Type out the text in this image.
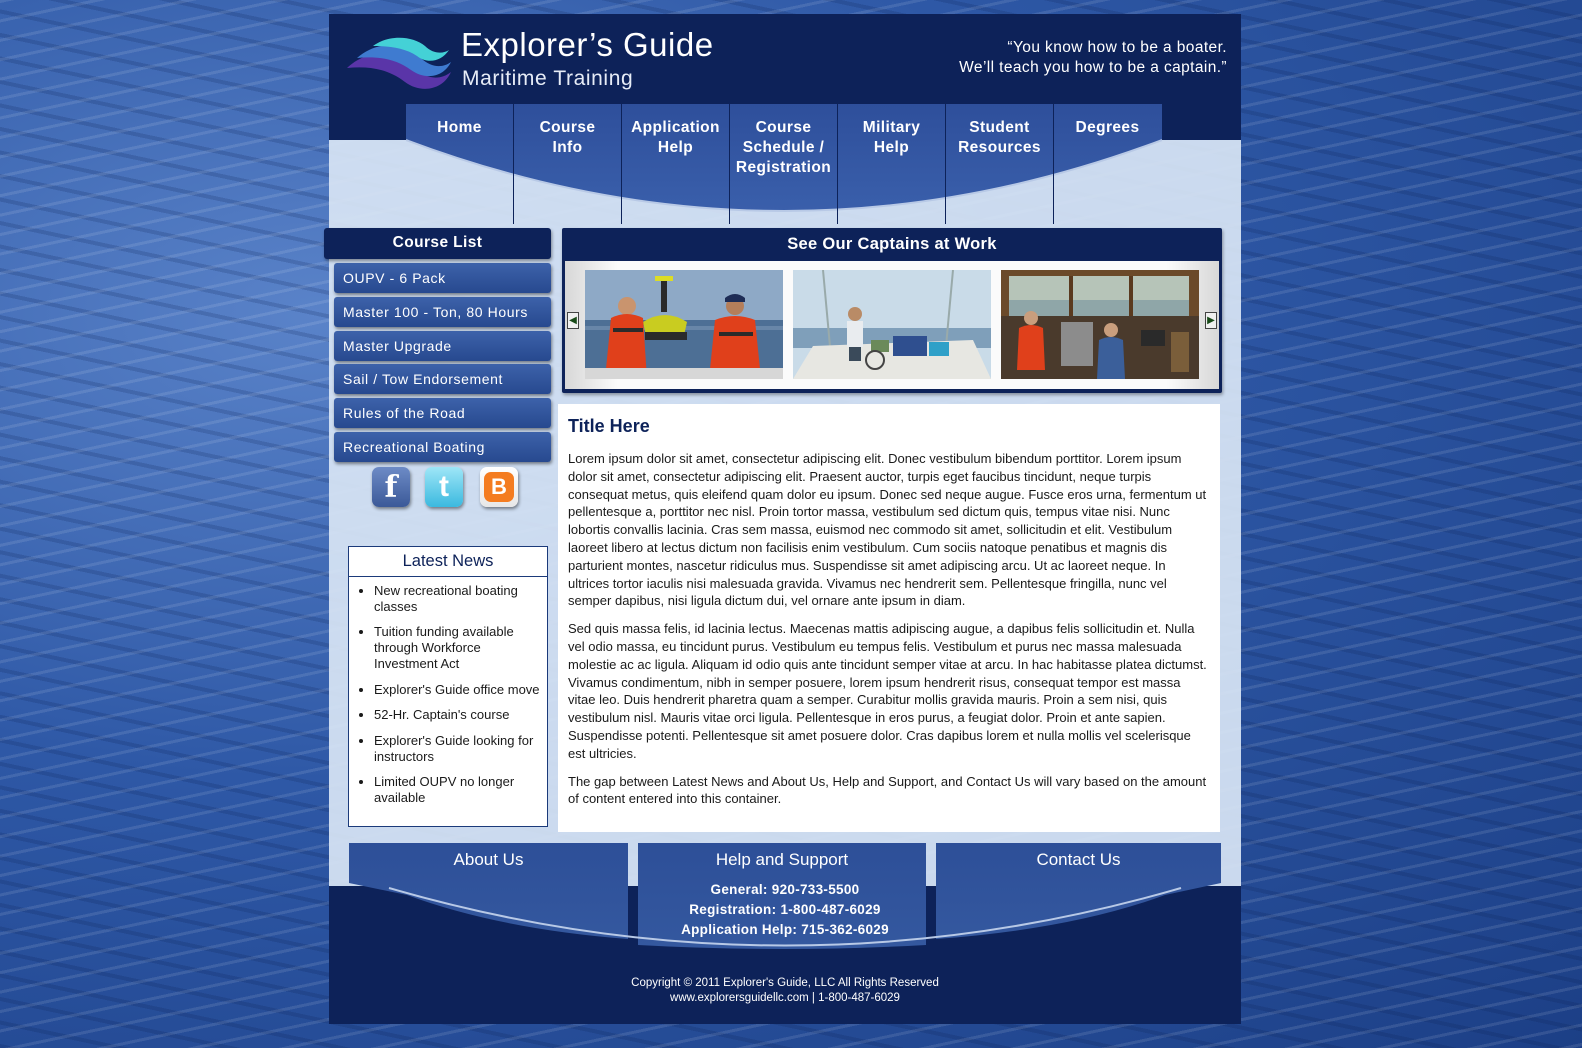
Explorer’s Guide
Maritime Training
“You know how to be a boater.
We’ll teach you how to be a captain.”
Home	Course
Info
Application
Help
Course
Schedule /
Registration
Military
Help
Student
Resources
Degrees
Course List
OUPV - 6 Pack
Master 100 - Ton, 80 Hours
Master Upgrade
Sail / Tow Endorsement
Rules of the Road
Recreational Boating
f	t	B
Latest News
• New recreational boating classes
• Tuition funding available through Workforce Investment Act
• Explorer's Guide office move
• 52-Hr. Captain's course
• Explorer's Guide looking for instructors
• Limited OUPV no longer available
See Our Captains at Work
◀	▶
Title Here

Lorem ipsum dolor sit amet, consectetur adipiscing elit. Donec vestibulum bibendum porttitor. Lorem ipsum dolor sit amet, consectetur adipiscing elit. Praesent auctor, turpis eget faucibus tincidunt, neque turpis consequat metus, quis eleifend quam dolor eu ipsum. Donec sed neque augue. Fusce eros urna, fermentum ut pellentesque a, porttitor nec nisl. Proin tortor massa, vestibulum sed dictum quis, tempus vitae nisi. Nunc lobortis convallis lacinia. Cras sem massa, euismod nec commodo sit amet, sollicitudin et elit. Vestibulum laoreet libero at lectus dictum non facilisis enim vestibulum. Cum sociis natoque penatibus et magnis dis parturient montes, nascetur ridiculus mus. Suspendisse sit amet adipiscing arcu. Ut ac laoreet neque. In ultrices tortor iaculis nisi malesuada gravida. Vivamus nec hendrerit sem. Pellentesque fringilla, nunc vel semper dapibus, nisi ligula dictum dui, vel ornare ante ipsum in diam.

Sed quis massa felis, id lacinia lectus. Maecenas mattis adipiscing augue, a dapibus felis sollicitudin et. Nulla vel odio massa, eu tincidunt purus. Vestibulum eu tempus felis. Vestibulum et purus nec massa malesuada molestie ac ac ligula. Aliquam id odio quis ante tincidunt semper vitae at arcu. In hac habitasse platea dictumst. Vivamus condimentum, nibh in semper posuere, lorem ipsum hendrerit risus, consequat tempor est massa vitae leo. Duis hendrerit pharetra quam a semper. Curabitur mollis gravida mauris. Proin a sem nisi, quis vestibulum nisl. Mauris vitae orci ligula. Pellentesque in eros purus, a feugiat dolor. Proin et ante sapien. Suspendisse potenti. Pellentesque sit amet posuere dolor. Cras dapibus lorem et nulla mollis vel scelerisque est ultricies.

The gap between Latest News and About Us, Help and Support, and Contact Us will vary based on the amount of content entered into this container.

About Us	Help and Support	Contact Us
General: 920-733-5500
Registration: 1-800-487-6029
Application Help: 715-362-6029
Copyright © 2011 Explorer's Guide, LLC All Rights Reserved
www.explorersguidellc.com | 1-800-487-6029
